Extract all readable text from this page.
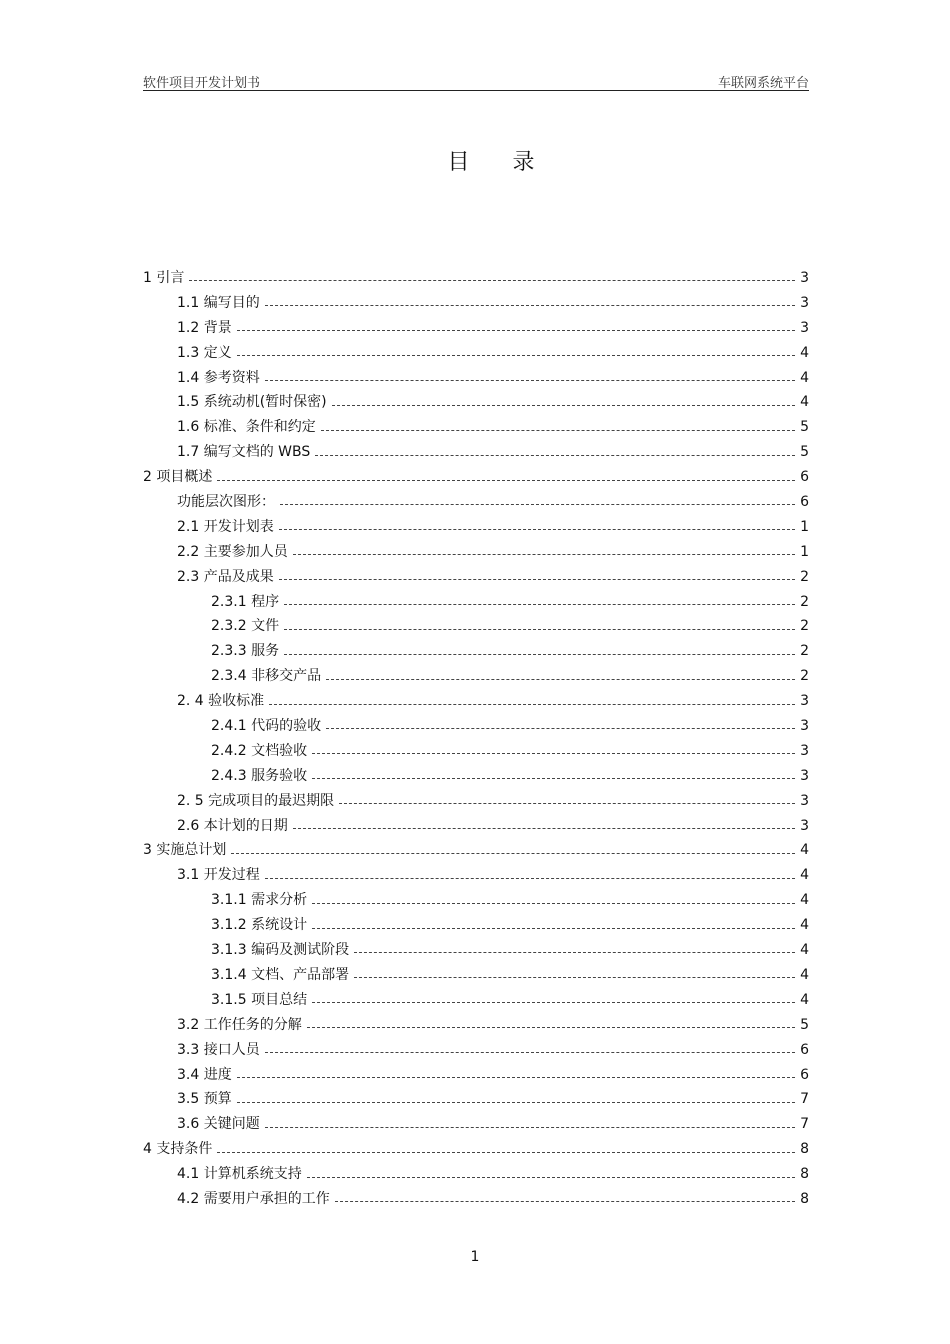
软件项目开发计划书	车联网系统平台
目 录
1 引言	3
1.1 编写目的	3
1.2 背景	3
1.3 定义	4
1.4 参考资料	4
1.5 系统动机(暂时保密)	4
1.6 标准、条件和约定	5
1.7 编写文档的 WBS	5
2 项目概述	6
功能层次图形：	6
2.1 开发计划表	1
2.2 主要参加人员	1
2.3 产品及成果	2
2.3.1 程序	2
2.3.2 文件	2
2.3.3 服务	2
2.3.4 非移交产品	2
2. 4 验收标准	3
2.4.1 代码的验收	3
2.4.2 文档验收	3
2.4.3 服务验收	3
2. 5 完成项目的最迟期限	3
2.6 本计划的日期	3
3 实施总计划	4
3.1 开发过程	4
3.1.1 需求分析	4
3.1.2 系统设计	4
3.1.3 编码及测试阶段	4
3.1.4 文档、产品部署	4
3.1.5 项目总结	4
3.2 工作任务的分解	5
3.3 接口人员	6
3.4 进度	6
3.5 预算	7
3.6 关键问题	7
4 支持条件	8
4.1 计算机系统支持	8
4.2 需要用户承担的工作	8
1
